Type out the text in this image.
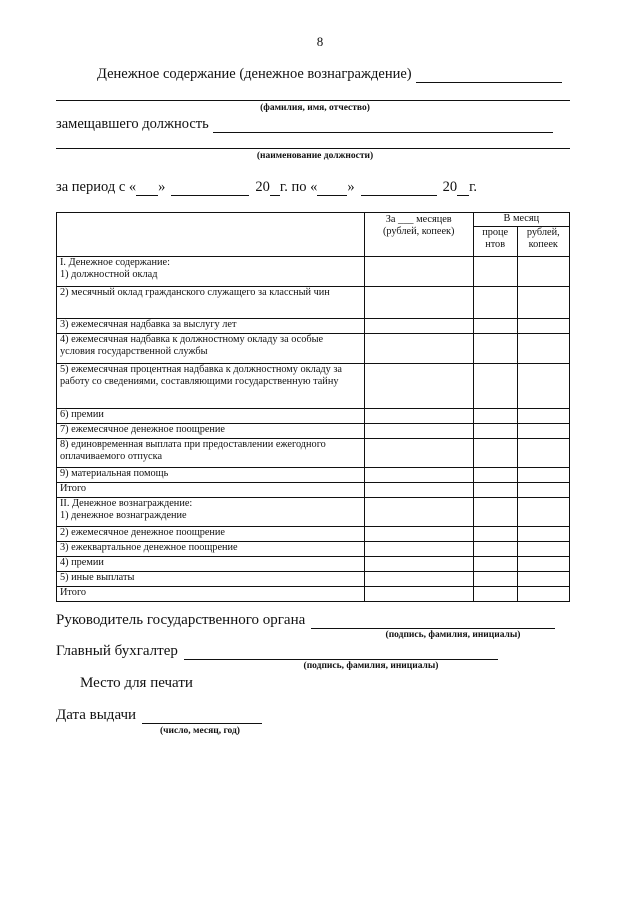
8
Денежное содержание (денежное вознаграждение)
(фамилия, имя, отчество)
замещавшего должность
(наименование должности)
за период с « »	20 г. по « »	20 г.
	За ___ месяцев (рублей, копеек)	В месяц	
		проце нтов	рублей, копеек
I. Денежное содержание:
1) должностной оклад			
2) месячный оклад гражданского служащего за классный чин			
3) ежемесячная надбавка за выслугу лет			
4) ежемесячная надбавка к должностному окладу за особые условия государственной службы			
5) ежемесячная процентная надбавка к должностному окладу за работу со сведениями, составляющими государственную тайну			
6) премии			
7) ежемесячное денежное поощрение			
8) единовременная выплата при предоставлении ежегодного оплачиваемого отпуска			
9) материальная помощь			
Итого			
II. Денежное вознаграждение:
1) денежное вознаграждение			
2) ежемесячное денежное поощрение			
3) ежеквартальное денежное поощрение			
4) премии			
5) иные выплаты			
Итого			
Руководитель государственного органа
(подпись, фамилия, инициалы)
Главный бухгалтер
(подпись, фамилия, инициалы)
Место для печати
Дата выдачи
(число, месяц, год)
